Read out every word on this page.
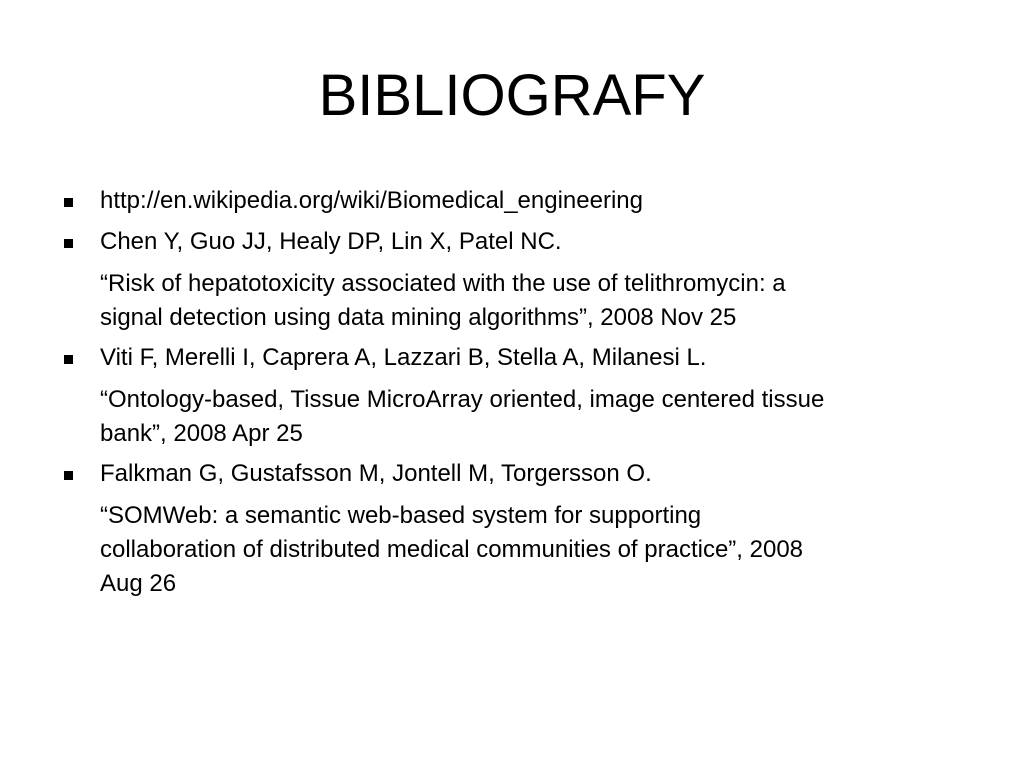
BIBLIOGRAFY
http://en.wikipedia.org/wiki/Biomedical_engineering
Chen Y, Guo JJ, Healy DP, Lin X, Patel NC.
“Risk of hepatotoxicity associated with the use of telithromycin: a
signal detection using data mining algorithms”, 2008 Nov 25
Viti F, Merelli I, Caprera A, Lazzari B, Stella A, Milanesi L.
“Ontology-based, Tissue MicroArray oriented, image centered tissue
bank”, 2008 Apr 25
Falkman G, Gustafsson M, Jontell M, Torgersson O.
“SOMWeb: a semantic web-based system for supporting
collaboration of distributed medical communities of practice”, 2008
Aug 26
